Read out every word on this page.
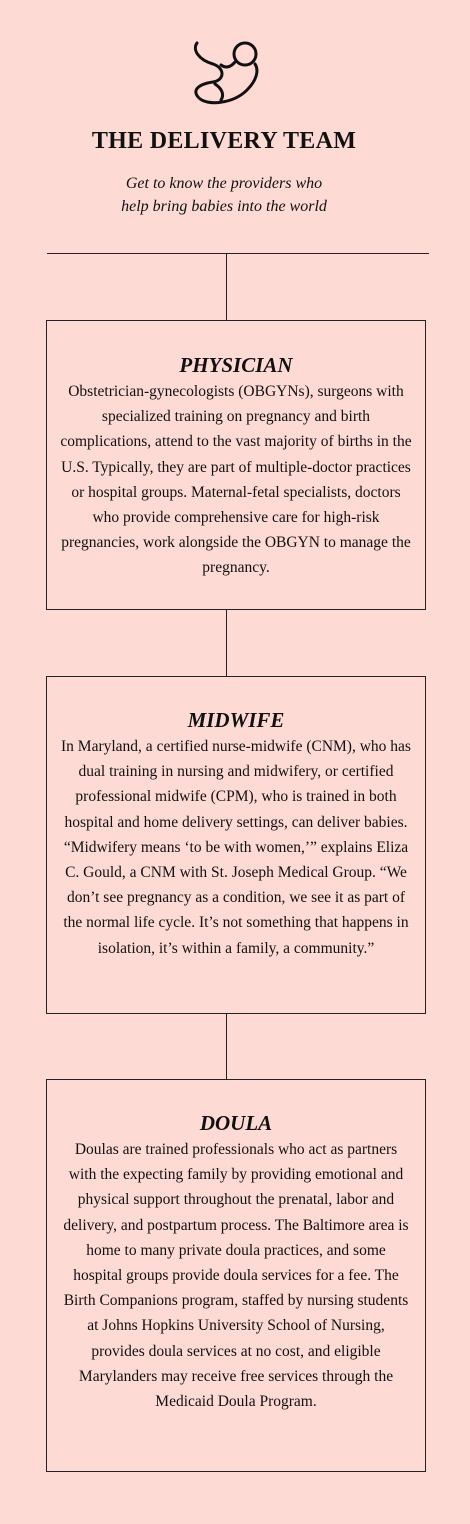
THE DELIVERY TEAM
Get to know the providers who
help bring babies into the world
PHYSICIAN

Obstetrician-gynecologists (OBGYNs), surgeons with specialized training on pregnancy and birth complications, attend to the vast majority of births in the U.S. Typically, they are part of multiple-doctor practices or hospital groups. Maternal-fetal specialists, doctors who provide comprehensive care for high-risk pregnancies, work alongside the OBGYN to manage the pregnancy.

MIDWIFE

In Maryland, a certified nurse-midwife (CNM), who has dual training in nursing and midwifery, or certified professional midwife (CPM), who is trained in both hospital and home delivery settings, can deliver babies. “Midwifery means ‘to be with women,’” explains Eliza C. Gould, a CNM with St. Joseph Medical Group. “We don’t see pregnancy as a condition, we see it as part of the normal life cycle. It’s not something that happens in isolation, it’s within a family, a community.”

DOULA

Doulas are trained professionals who act as partners with the expecting family by providing emotional and physical support throughout the prenatal, labor and delivery, and postpartum process. The Baltimore area is home to many private doula practices, and some hospital groups provide doula services for a fee. The Birth Companions program, staffed by nursing students at Johns Hopkins University School of Nursing, provides doula services at no cost, and eligible Marylanders may receive free services through the Medicaid Doula Program.
